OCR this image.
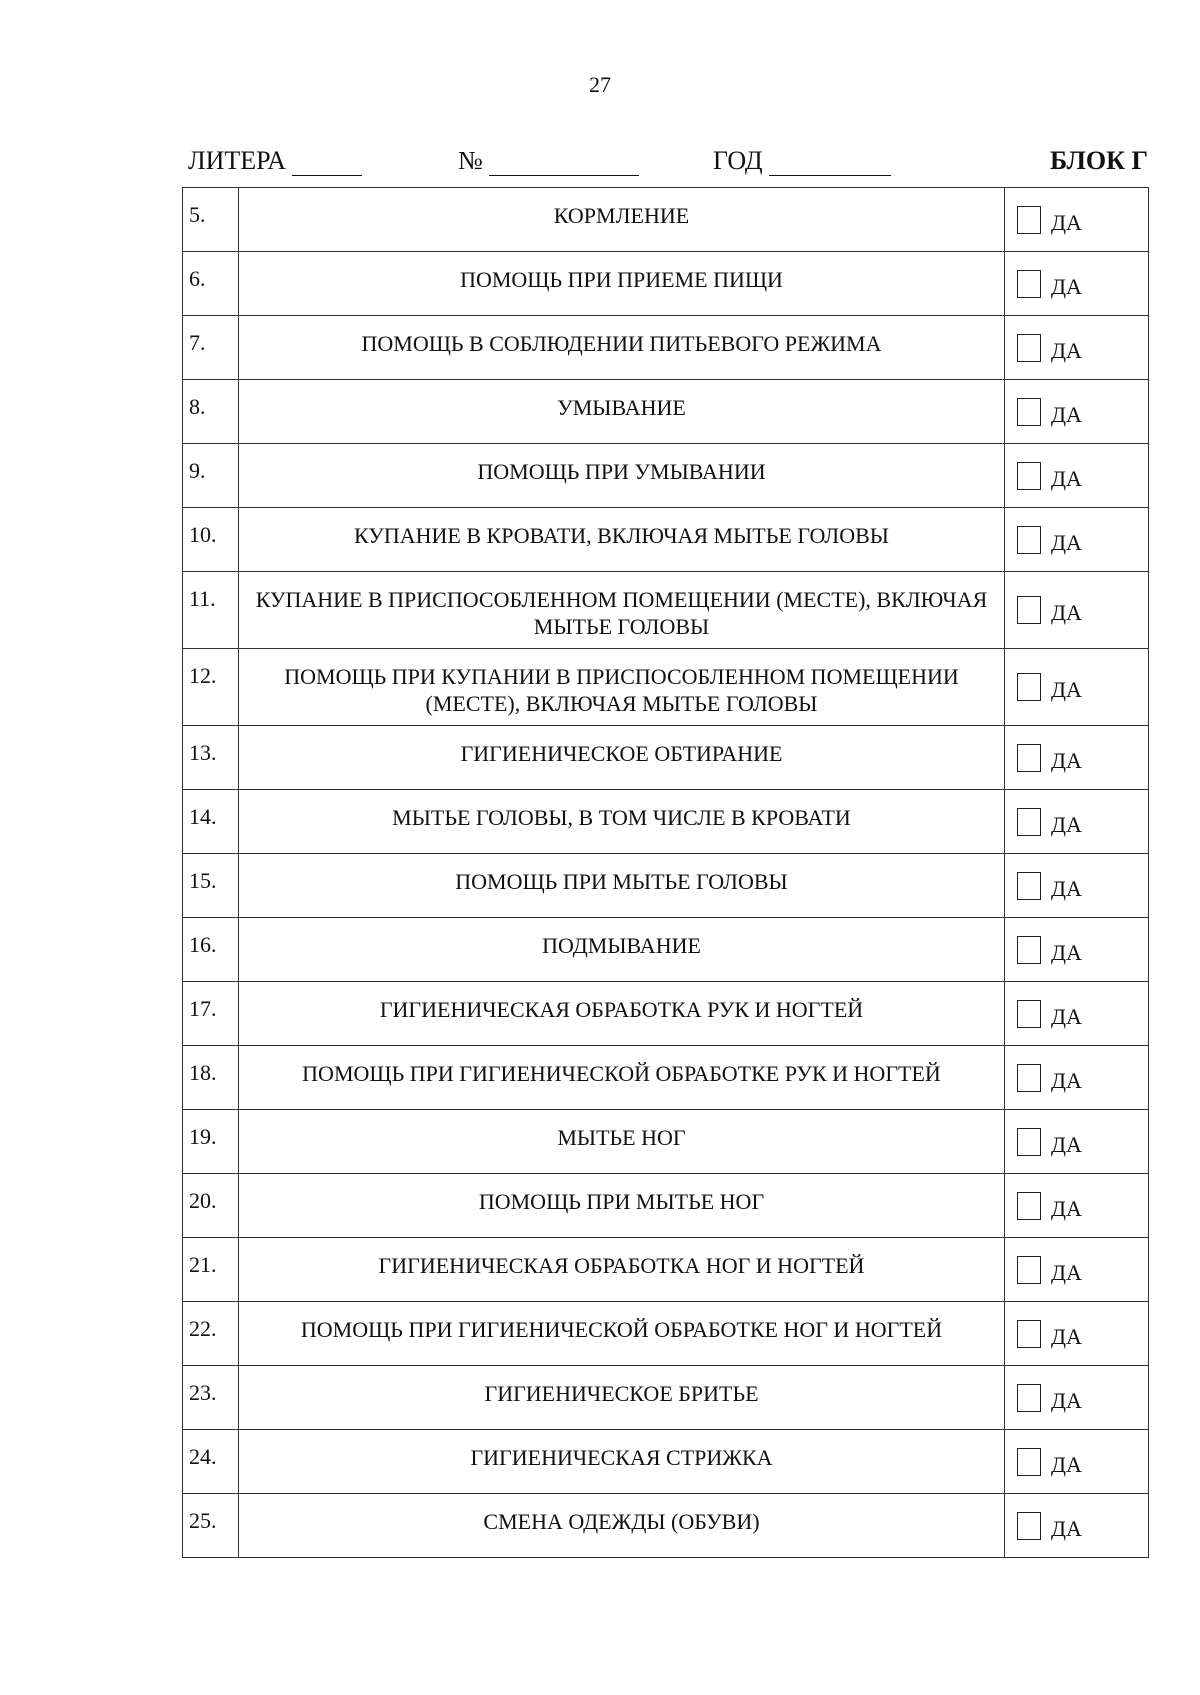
27
ЛИТЕРА	№	ГОД	БЛОК Г
5.	КОРМЛЕНИЕ	ДА

6.	ПОМОЩЬ ПРИ ПРИЕМЕ ПИЩИ	ДА

7.	ПОМОЩЬ В СОБЛЮДЕНИИ ПИТЬЕВОГО РЕЖИМА	ДА

8.	УМЫВАНИЕ	ДА

9.	ПОМОЩЬ ПРИ УМЫВАНИИ	ДА

10.	КУПАНИЕ В КРОВАТИ, ВКЛЮЧАЯ МЫТЬЕ ГОЛОВЫ	ДА

11.	КУПАНИЕ В ПРИСПОСОБЛЕННОМ ПОМЕЩЕНИИ (МЕСТЕ), ВКЛЮЧАЯ МЫТЬЕ ГОЛОВЫ	ДА

12.	ПОМОЩЬ ПРИ КУПАНИИ В ПРИСПОСОБЛЕННОМ ПОМЕЩЕНИИ (МЕСТЕ), ВКЛЮЧАЯ МЫТЬЕ ГОЛОВЫ	ДА

13.	ГИГИЕНИЧЕСКОЕ ОБТИРАНИЕ	ДА

14.	МЫТЬЕ ГОЛОВЫ, В ТОМ ЧИСЛЕ В КРОВАТИ	ДА

15.	ПОМОЩЬ ПРИ МЫТЬЕ ГОЛОВЫ	ДА

16.	ПОДМЫВАНИЕ	ДА

17.	ГИГИЕНИЧЕСКАЯ ОБРАБОТКА РУК И НОГТЕЙ	ДА

18.	ПОМОЩЬ ПРИ ГИГИЕНИЧЕСКОЙ ОБРАБОТКЕ РУК И НОГТЕЙ	ДА

19.	МЫТЬЕ НОГ	ДА

20.	ПОМОЩЬ ПРИ МЫТЬЕ НОГ	ДА

21.	ГИГИЕНИЧЕСКАЯ ОБРАБОТКА НОГ И НОГТЕЙ	ДА

22.	ПОМОЩЬ ПРИ ГИГИЕНИЧЕСКОЙ ОБРАБОТКЕ НОГ И НОГТЕЙ	ДА

23.	ГИГИЕНИЧЕСКОЕ БРИТЬЕ	ДА

24.	ГИГИЕНИЧЕСКАЯ СТРИЖКА	ДА

25.	СМЕНА ОДЕЖДЫ (ОБУВИ)	ДА
